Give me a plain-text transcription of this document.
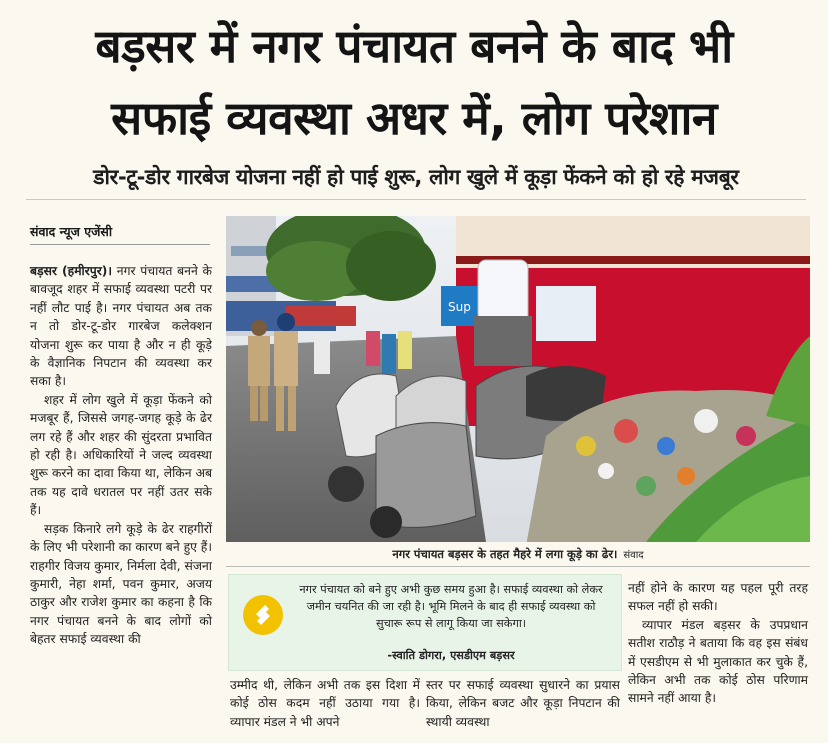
बड़सर में नगर पंचायत बनने के बाद भी
सफाई व्यवस्था अधर में, लोग परेशान
डोर-टू-डोर गारबेज योजना नहीं हो पाई शुरू, लोग खुले में कूड़ा फेंकने को हो रहे मजबूर
संवाद न्यूज एजेंसी

बड़सर (हमीरपुर)। नगर पंचायत बनने के बावजूद शहर में सफाई व्यवस्था पटरी पर नहीं लौट पाई है। नगर पंचायत अब तक न तो डोर-टू-डोर गारबेज कलेक्शन योजना शुरू कर पाया है और न ही कूड़े के वैज्ञानिक निपटान की व्यवस्था कर सका है।

शहर में लोग खुले में कूड़ा फेंकने को मजबूर हैं, जिससे जगह-जगह कूड़े के ढेर लग रहे हैं और शहर की सुंदरता प्रभावित हो रही है। अधिकारियों ने जल्द व्यवस्था शुरू करने का दावा किया था, लेकिन अब तक यह दावे धरातल पर नहीं उतर सके हैं।

सड़क किनारे लगे कूड़े के ढेर राहगीरों के लिए भी परेशानी का कारण बने हुए हैं। राहगीर विजय कुमार, निर्मला देवी, संजना कुमारी, नेहा शर्मा, पवन कुमार, अजय ठाकुर और राजेश कुमार का कहना है कि नगर पंचायत बनने के बाद लोगों को बेहतर सफाई व्यवस्था की

Sup
नगर पंचायत बड़सर के तहत मैहरे में लगा कूड़े का ढेर। संवाद
नगर पंचायत को बने हुए अभी कुछ समय हुआ है। सफाई व्यवस्था को लेकर जमीन चयनित की जा रही है। भूमि मिलने के बाद ही सफाई व्यवस्था को सुचारू रूप से लागू किया जा सकेगा।
-स्वाति डोगरा, एसडीएम बड़सर

उम्मीद थी, लेकिन अभी तक इस दिशा में कोई ठोस कदम नहीं उठाया गया है। व्यापार मंडल ने भी अपने

स्तर पर सफाई व्यवस्था सुधारने का प्रयास किया, लेकिन बजट और कूड़ा निपटान की स्थायी व्यवस्था

नहीं होने के कारण यह पहल पूरी तरह सफल नहीं हो सकी।

व्यापार मंडल बड़सर के उपप्रधान सतीश राठौड़ ने बताया कि वह इस संबंध में एसडीएम से भी मुलाकात कर चुके हैं, लेकिन अभी तक कोई ठोस परिणाम सामने नहीं आया है।
